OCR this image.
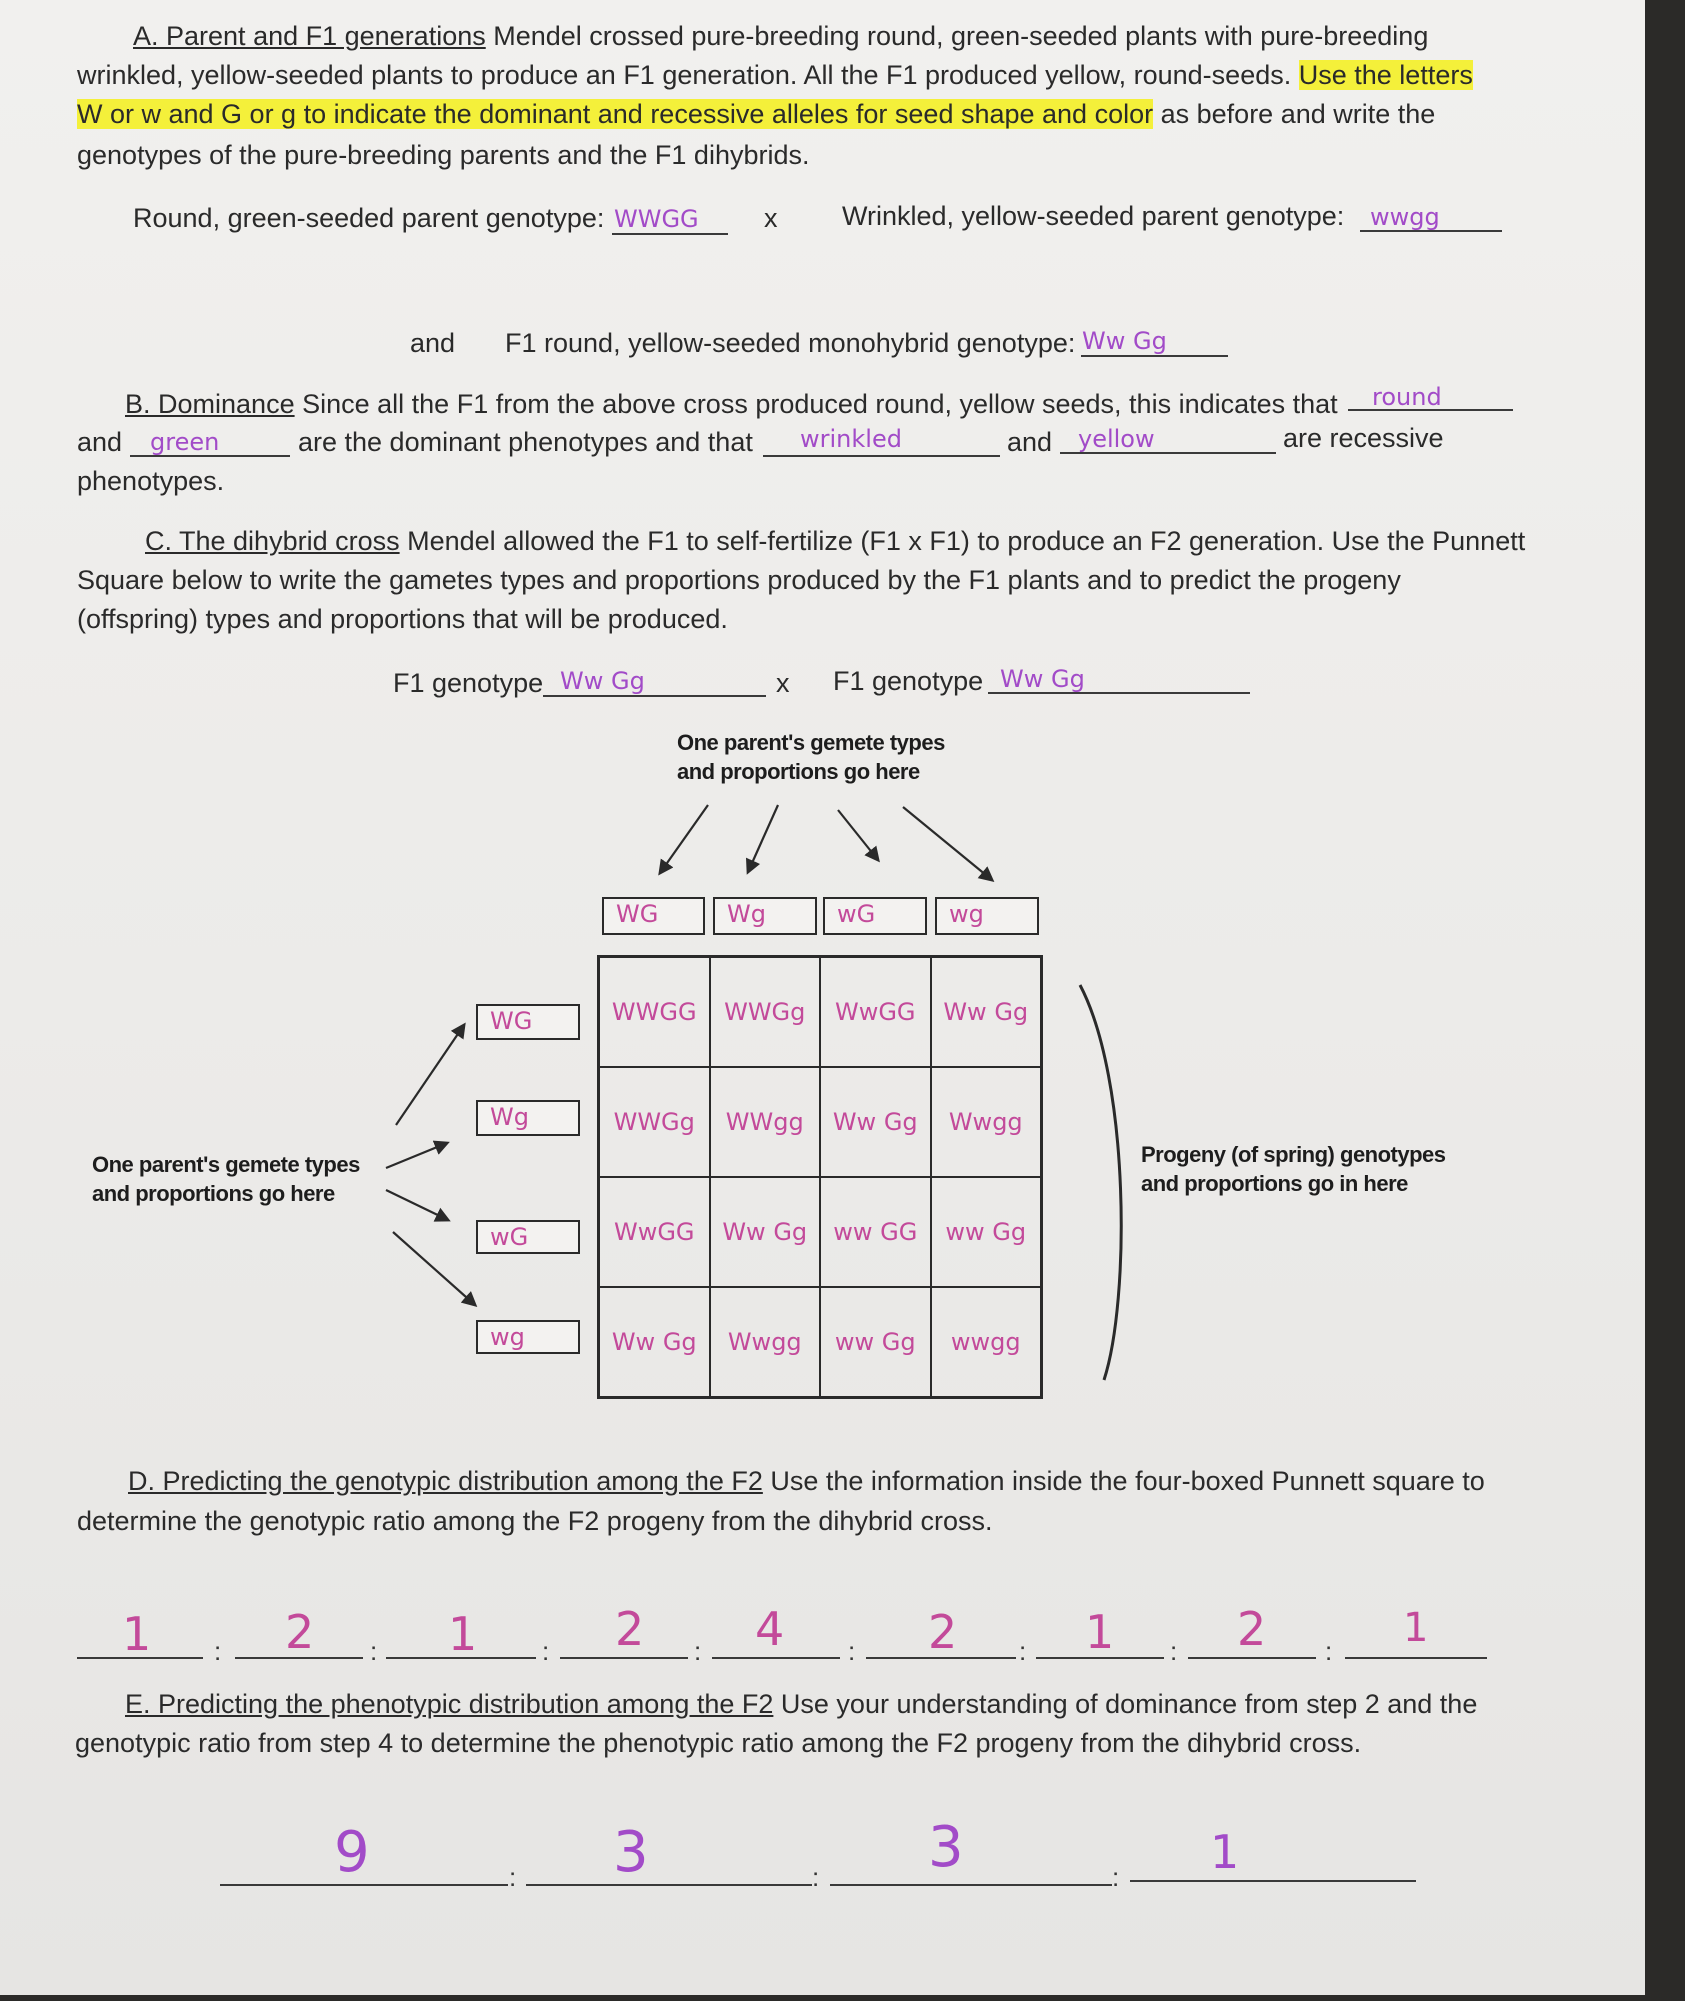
A. Parent and F1 generations Mendel crossed pure-breeding round, green-seeded plants with pure-breeding
wrinkled, yellow-seeded plants to produce an F1 generation. All the F1 produced yellow, round-seeds. Use the letters
W or w and G or g to indicate the dominant and recessive alleles for seed shape and color as before and write the
genotypes of the pure-breeding parents and the F1 dihybrids.
Round, green-seeded parent genotype: WWGG x Wrinkled, yellow-seeded parent genotype: wwgg
and F1 round, yellow-seeded monohybrid genotype: Ww Gg
B. Dominance Since all the F1 from the above cross produced round, yellow seeds, this indicates that round
and green	are the dominant phenotypes and that wrinkled	and yellow	are recessive
phenotypes.
C. The dihybrid cross Mendel allowed the F1 to self-fertilize (F1 x F1) to produce an F2 generation. Use the Punnett
Square below to write the gametes types and proportions produced by the F1 plants and to predict the progeny
(offspring) types and proportions that will be produced.
F1 genotype Ww Gg	x F1 genotype Ww Gg
One parent's gemete types
and proportions go here
WG	Wg	wG	wg
WG
Wg
wG
wg
One parent's gemete types
and proportions go here
Progeny (of spring) genotypes
and proportions go in here
WWGG	WWGg	WwGG	Ww Gg
WWGg	WWgg	Ww Gg	Wwgg
WwGG	Ww Gg	ww GG	ww Gg
Ww Gg	Wwgg	ww Gg	wwgg
D. Predicting the genotypic distribution among the F2 Use the information inside the four-boxed Punnett square to
determine the genotypic ratio among the F2 progeny from the dihybrid cross.
1 : 2 : 1 : 2 : 4 : 2 : 1 : 2 : 1
E. Predicting the phenotypic distribution among the F2 Use your understanding of dominance from step 2 and the
genotypic ratio from step 4 to determine the phenotypic ratio among the F2 progeny from the dihybrid cross.
9	: 3	: 3	: 1
